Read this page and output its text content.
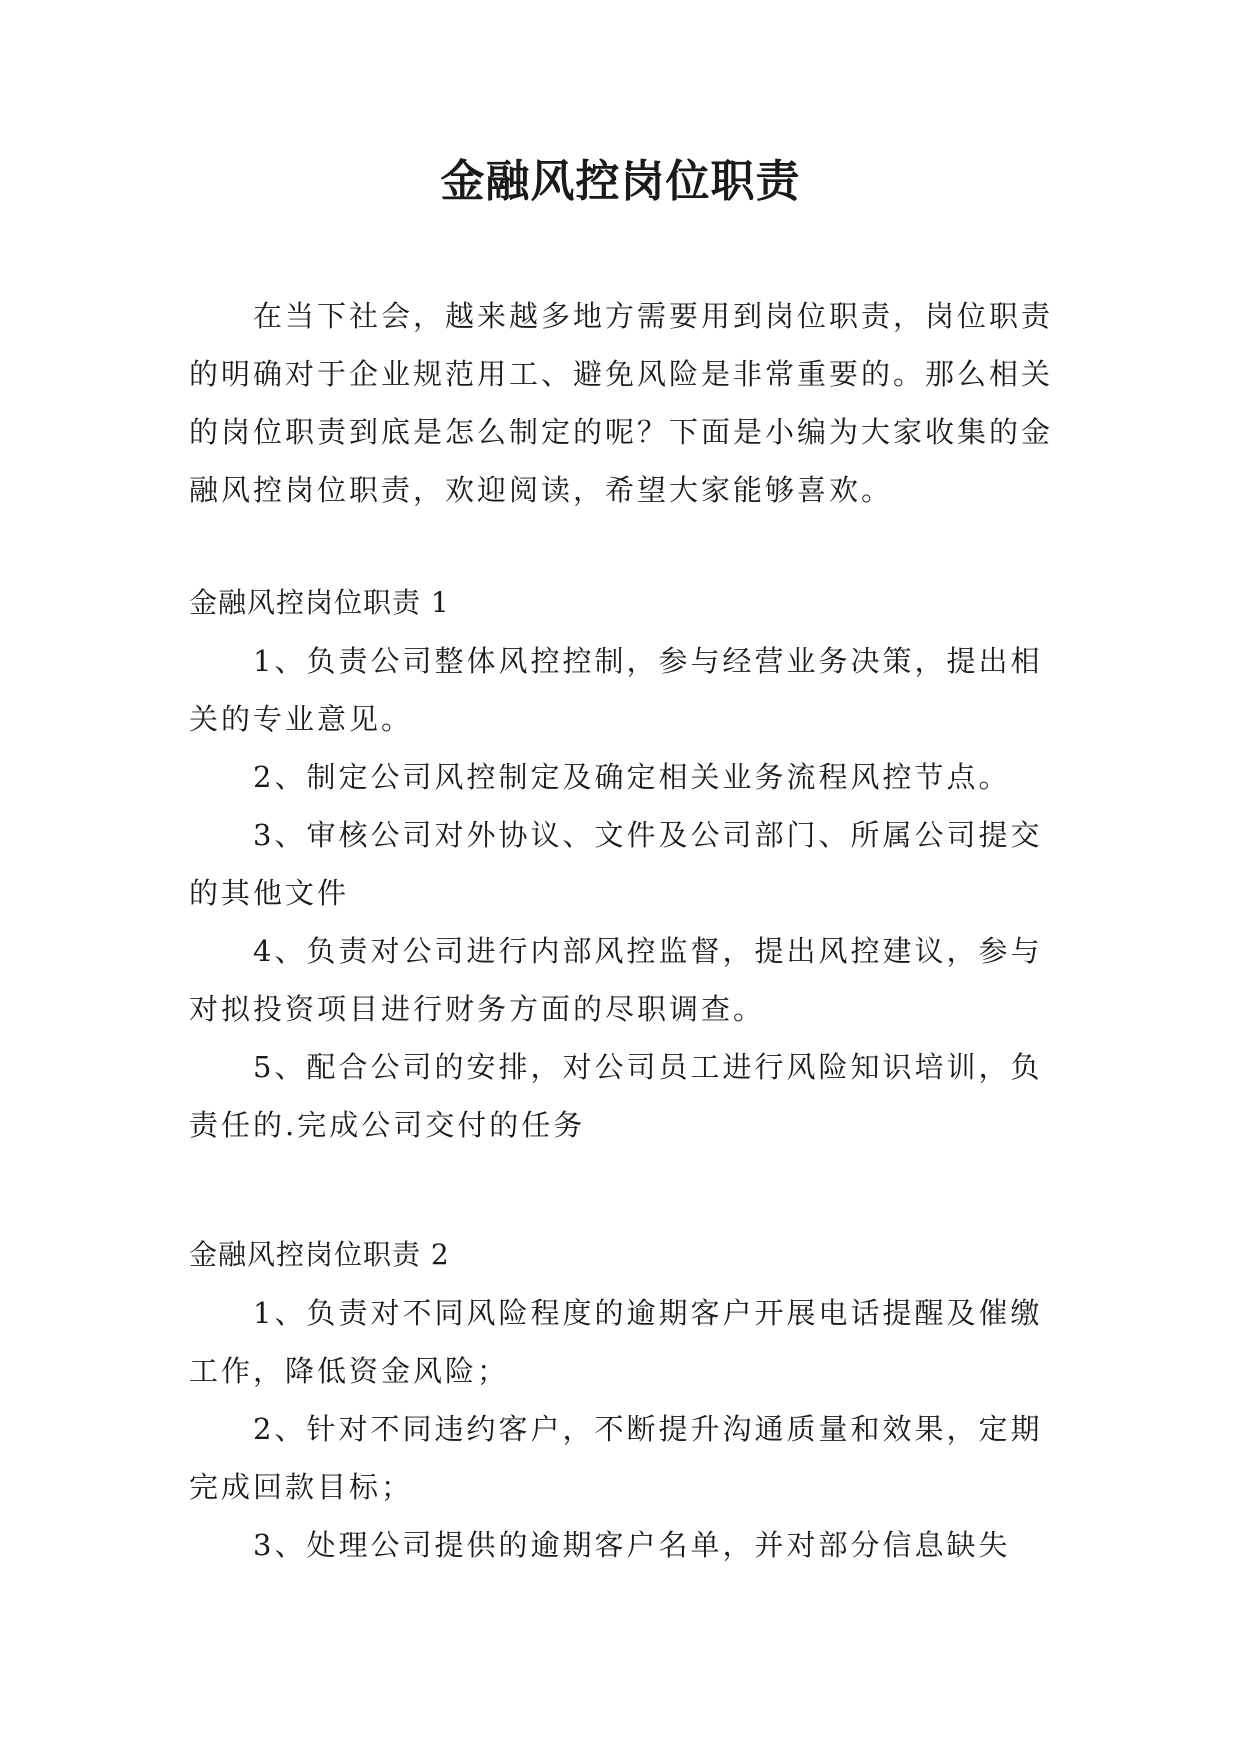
金融风控岗位职责

在当下社会，越来越多地方需要用到岗位职责，岗位职责的明确对于企业规范用工、避免风险是非常重要的。那么相关的岗位职责到底是怎么制定的呢？下面是小编为大家收集的金融风控岗位职责，欢迎阅读，希望大家能够喜欢。

金融风控岗位职责 1

1、负责公司整体风控控制，参与经营业务决策，提出相关的专业意见。

2、制定公司风控制定及确定相关业务流程风控节点。

3、审核公司对外协议、文件及公司部门、所属公司提交的其他文件

4、负责对公司进行内部风控监督，提出风控建议，参与对拟投资项目进行财务方面的尽职调查。

5、配合公司的安排，对公司员工进行风险知识培训，负责任的.完成公司交付的任务

金融风控岗位职责 2

1、负责对不同风险程度的逾期客户开展电话提醒及催缴工作，降低资金风险；

2、针对不同违约客户，不断提升沟通质量和效果，定期完成回款目标；

3、处理公司提供的逾期客户名单，并对部分信息缺失
